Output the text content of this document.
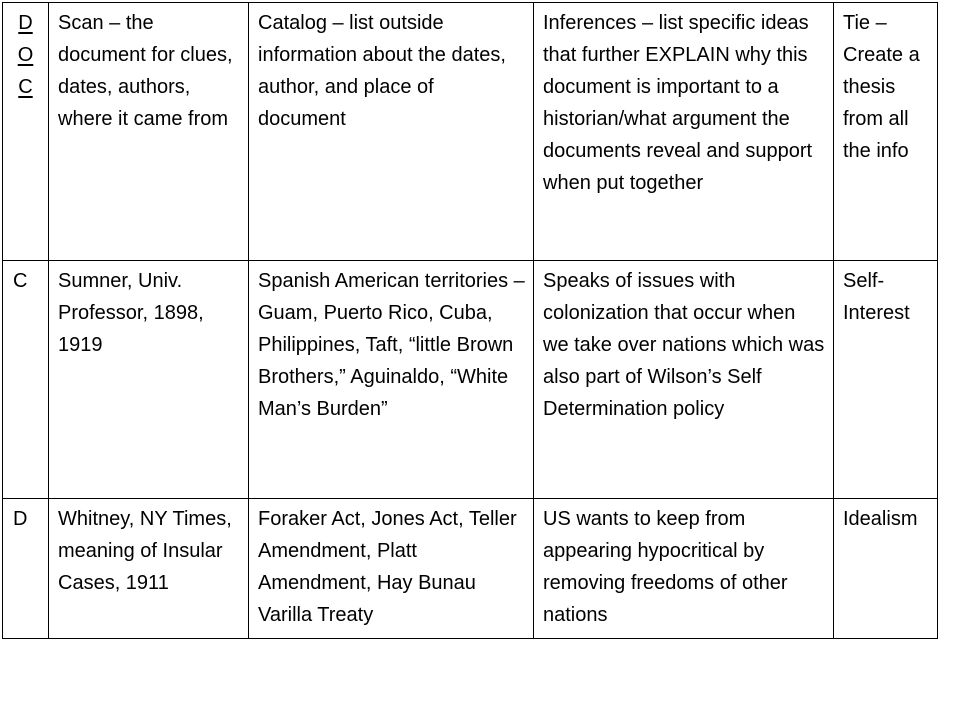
D
O
C	Scan – the document for clues, dates, authors, where it came from	Catalog – list outside information about the dates, author, and place of document	Inferences – list specific ideas that further EXPLAIN why this document is important to a historian/what argument the documents reveal and support when put together	Tie – Create a thesis from all the info
C	Sumner, Univ. Professor, 1898, 1919	Spanish American territories – Guam, Puerto Rico, Cuba, Philippines, Taft, “little Brown Brothers,” Aguinaldo, “White Man’s Burden”	Speaks of issues with colonization that occur when we take over nations which was also part of Wilson’s Self Determination policy	Self-Interest
D	Whitney, NY Times, meaning of Insular Cases, 1911	Foraker Act, Jones Act, Teller Amendment, Platt Amendment, Hay Bunau Varilla Treaty	US wants to keep from appearing hypocritical by removing freedoms of other nations	Idealism
